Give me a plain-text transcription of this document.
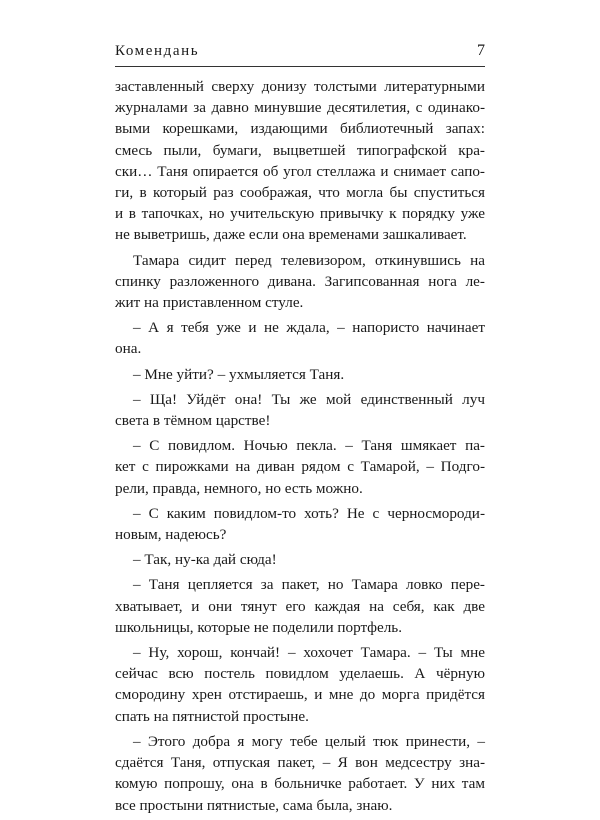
Комендань	7
заставленный сверху донизу толстыми литературными
журналами за давно минувшие десятилетия, с одинако-
выми корешками, издающими библиотечный запах:
смесь пыли, бумаги, выцветшей типографской кра-
ски… Таня опирается об угол стеллажа и снимает сапо-
ги, в который раз соображая, что могла бы спуститься
и в тапочках, но учительскую привычку к порядку уже
не выветришь, даже если она временами зашкаливает.
Тамара сидит перед телевизором, откинувшись на
спинку разложенного дивана. Загипсованная нога ле-
жит на приставленном стуле.
– А я тебя уже и не ждала, – напористо начинает
она.
– Мне уйти? – ухмыляется Таня.
– Ща! Уйдёт она! Ты же мой единственный луч
света в тёмном царстве!
– С повидлом. Ночью пекла. – Таня шмякает па-
кет с пирожками на диван рядом с Тамарой, – Подго-
рели, правда, немного, но есть можно.
– С каким повидлом-то хоть? Не с черносмороди-
новым, надеюсь?
– Так, ну-ка дай сюда!
– Таня цепляется за пакет, но Тамара ловко пере-
хватывает, и они тянут его каждая на себя, как две
школьницы, которые не поделили портфель.
– Ну, хорош, кончай! – хохочет Тамара. – Ты мне
сейчас всю постель повидлом уделаешь. А чёрную
смородину хрен отстираешь, и мне до морга придётся
спать на пятнистой простыне.
– Этого добра я могу тебе целый тюк принести, –
сдаётся Таня, отпуская пакет, – Я вон медсестру зна-
комую попрошу, она в больничке работает. У них там
все простыни пятнистые, сама была, знаю.
